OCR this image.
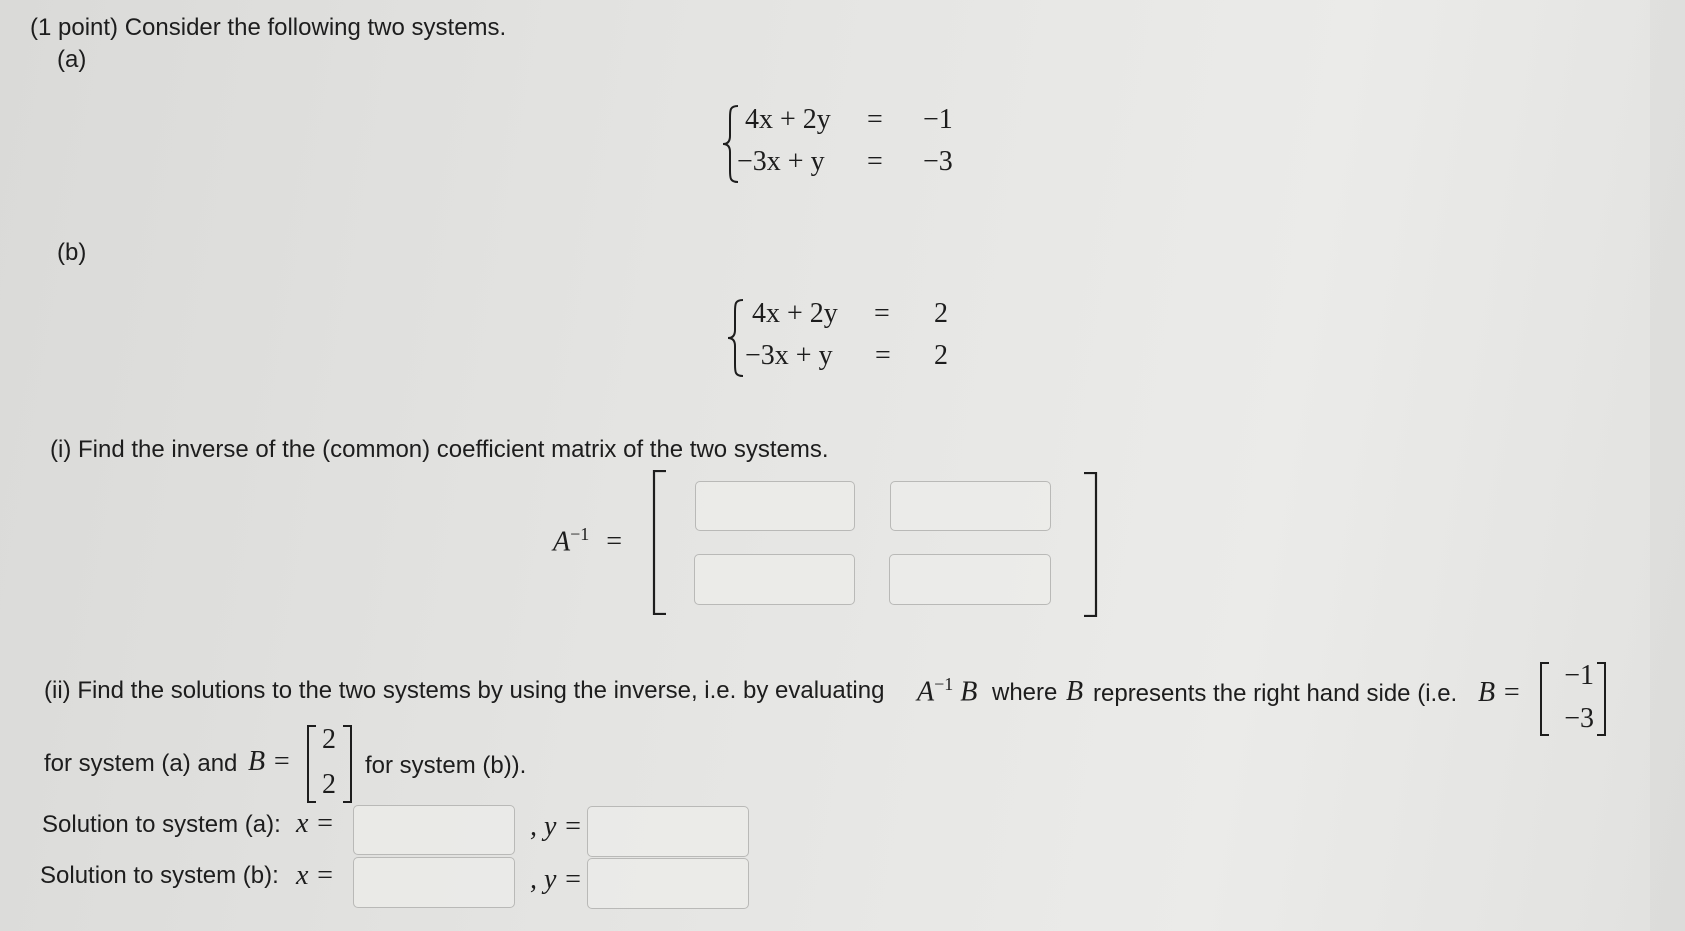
(1 point) Consider the following two systems.
(a)
4x + 2y	= −1
−3x + y = −3
(b)
4x + 2y = 2
−3x + y = 2
(i) Find the inverse of the (common) coefficient matrix of the two systems.
$A^{-1}$ =
(ii) Find the solutions to the two systems by using the inverse, i.e. by evaluating $A^{-1}$ B where B represents the right hand side (i.e. B =
−1
−3
for system (a) and B =
2
2
for system (b)).
Solution to system (a): x =	, y =
Solution to system (b): x =	, y =
